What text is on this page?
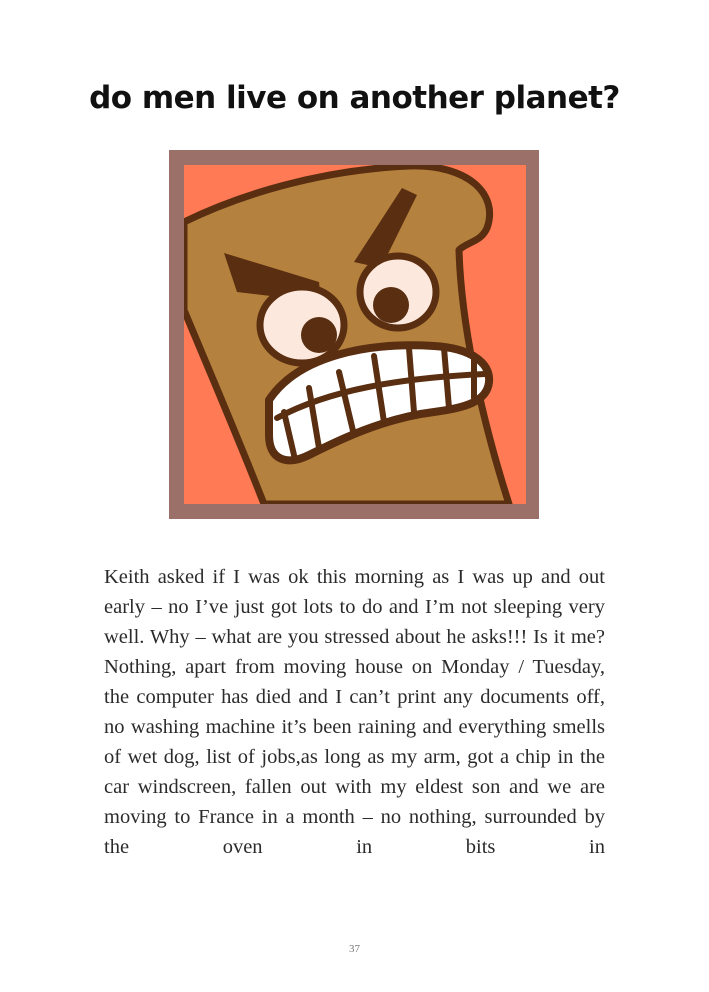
do men live on another planet?

Keith asked if I was ok this morning as I was up and out early – no I’ve just got lots to do and I’m not sleeping very well. Why – what are you stressed about he asks!!! Is it me? Nothing, apart from moving house on Monday / Tuesday, the computer has died and I can’t print any documents off, no washing machine it’s been raining and everything smells of wet dog, list of jobs,as long as my arm, got a chip in the car windscreen, fallen out with my eldest son and we are moving to France in a month – no nothing, surrounded by the oven in bits in

37
